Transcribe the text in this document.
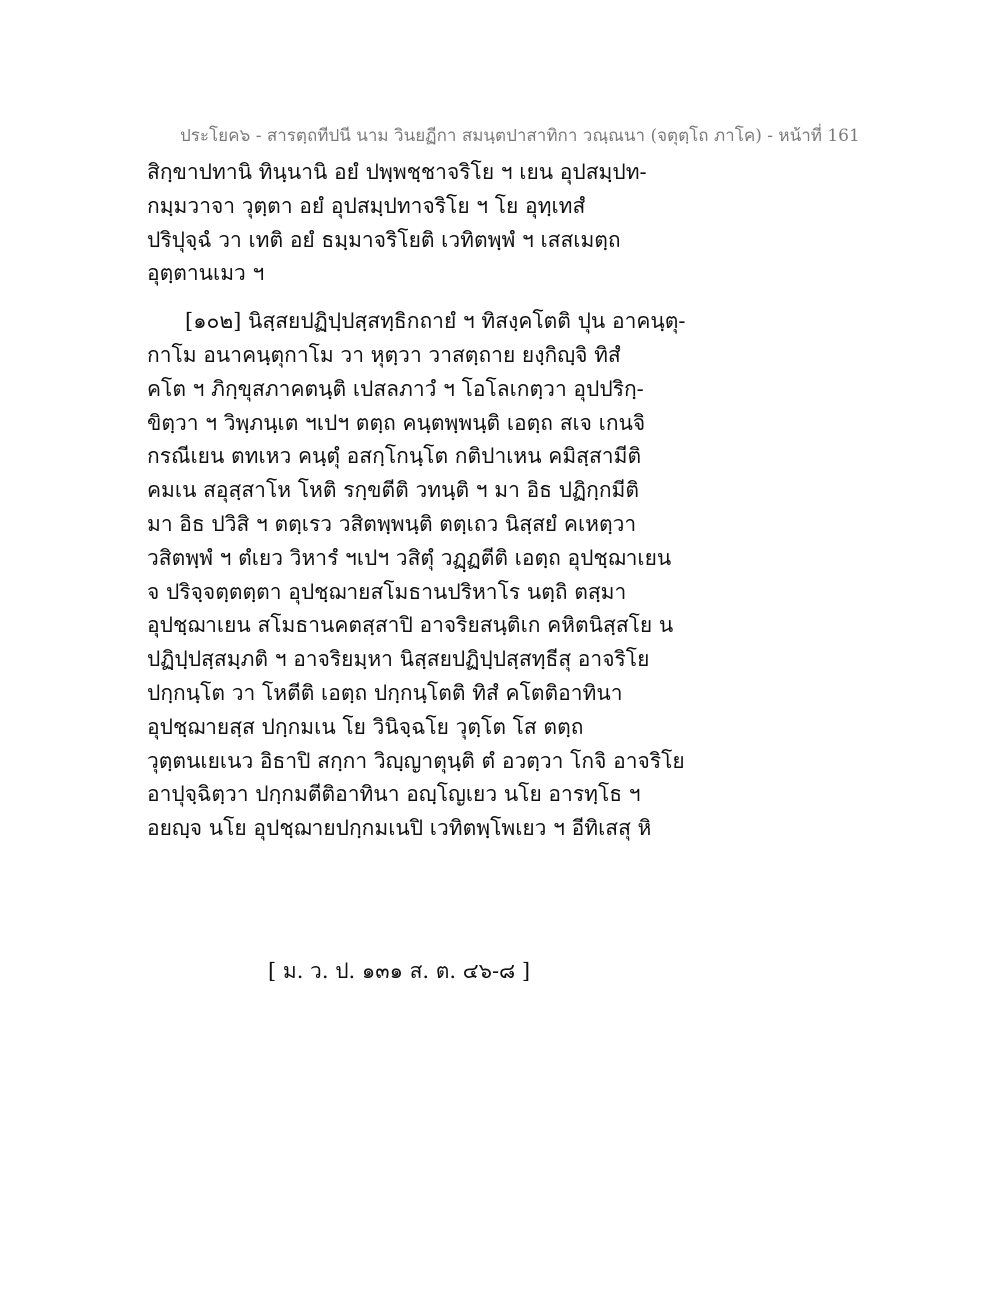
ประโยค๖ - สารตฺถทีปนี นาม วินยฏีกา สมนฺตปาสาทิกา วณฺณนา (จตุตฺโถ ภาโค) - หน้าที่ 161
สิกฺขาปทานิ ทินฺนานิ อยํ ปพฺพชฺชาจริโย ฯ เยน อุปสมฺปท-
กมฺมวาจา วุตฺตา อยํ อุปสมฺปทาจริโย ฯ โย อุทฺเทสํ
ปริปุจฺฉํ วา เทติ อยํ ธมฺมาจริโยติ เวทิตพฺพํ ฯ เสสเมตฺถ
อุตฺตานเมว ฯ
[๑๐๒] นิสฺสยปฏิปฺปสฺสทฺธิกถายํ ฯ ทิสงฺคโตติ ปุน อาคนฺตุ-
กาโม อนาคนฺตุกาโม วา หุตฺวา วาสตฺถาย ยงฺกิญฺจิ ทิสํ
คโต ฯ ภิกฺขุสภาคตนฺติ เปสลภาวํ ฯ โอโลเกตฺวา อุปปริกฺ-
ขิตฺวา ฯ วิพฺภนฺเต ฯเปฯ ตตฺถ คนฺตพฺพนฺติ เอตฺถ สเจ เกนจิ
กรณีเยน ตทเหว คนฺตุํ อสกฺโกนฺโต กติปาเหน คมิสฺสามีติ
คมเน สอุสฺสาโห โหติ รกฺขตีติ วทนฺติ ฯ มา อิธ ปฏิกฺกมีติ
มา อิธ ปวิสิ ฯ ตตฺเรว วสิตพฺพนฺติ ตตฺเถว นิสฺสยํ คเหตฺวา
วสิตพฺพํ ฯ ตํเยว วิหารํ ฯเปฯ วสิตุํ วฏฺฏตีติ เอตฺถ อุปชฺฌาเยน
จ ปริจฺจตฺตตฺตา อุปชฺฌายสโมธานปริหาโร นตฺถิ ตสฺมา
อุปชฺฌาเยน สโมธานคตสฺสาปิ อาจริยสนฺติเก คหิตนิสฺสโย น
ปฏิปฺปสฺสมฺภติ ฯ อาจริยมฺหา นิสฺสยปฏิปฺปสฺสทฺธีสุ อาจริโย
ปกฺกนฺโต วา โหตีติ เอตฺถ ปกฺกนฺโตติ ทิสํ คโตติอาทินา
อุปชฺฌายสฺส ปกฺกมเน โย วินิจฺฉโย วุตฺโต โส ตตฺถ
วุตฺตนเยเนว อิธาปิ สกฺกา วิญฺญาตุนฺติ ตํ อวตฺวา โกจิ อาจริโย
อาปุจฺฉิตฺวา ปกฺกมตีติอาทินา อญฺโญเยว นโย อารทฺโธ ฯ
อยญฺจ นโย อุปชฺฌายปกฺกมเนปิ เวทิตพฺโพเยว ฯ อีทิเสสุ หิ
[ ม. ว. ป. ๑๓๑ ส. ต. ๔๖-๘ ]
